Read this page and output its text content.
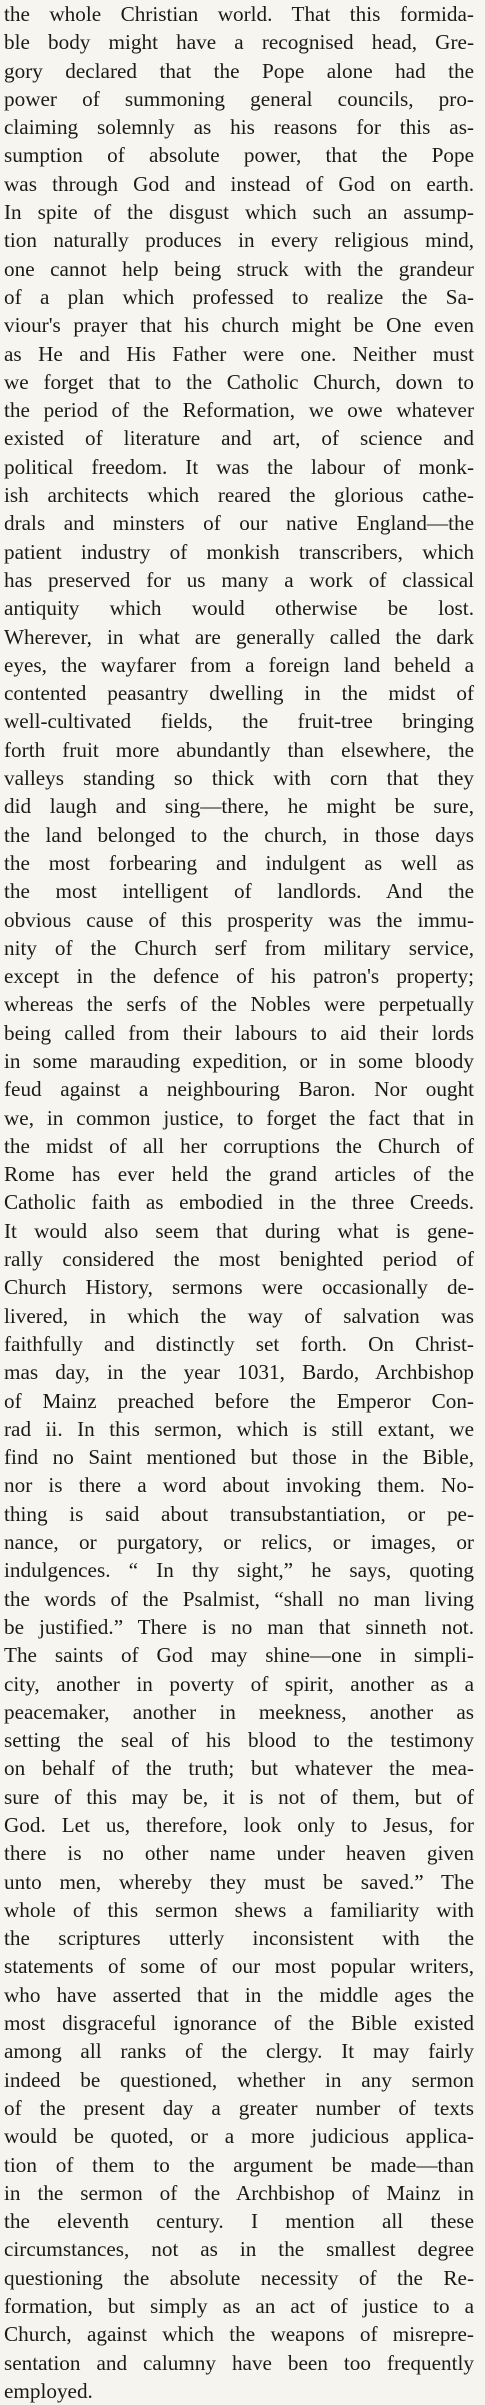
the whole Christian world. That this formida-
ble body might have a recognised head, Gre-
gory declared that the Pope alone had the
power of summoning general councils, pro-
claiming solemnly as his reasons for this as-
sumption of absolute power, that the Pope
was through God and instead of God on earth.
In spite of the disgust which such an assump-
tion naturally produces in every religious mind,
one cannot help being struck with the grandeur
of a plan which professed to realize the Sa-
viour's prayer that his church might be One even
as He and His Father were one. Neither must
we forget that to the Catholic Church, down to
the period of the Reformation, we owe whatever
existed of literature and art, of science and
political freedom. It was the labour of monk-
ish architects which reared the glorious cathe-
drals and minsters of our native England—the
patient industry of monkish transcribers, which
has preserved for us many a work of classical
antiquity which would otherwise be lost.
Wherever, in what are generally called the dark
eyes, the wayfarer from a foreign land beheld a
contented peasantry dwelling in the midst of
well-cultivated fields, the fruit-tree bringing
forth fruit more abundantly than elsewhere, the
valleys standing so thick with corn that they
did laugh and sing—there, he might be sure,
the land belonged to the church, in those days
the most forbearing and indulgent as well as
the most intelligent of landlords. And the
obvious cause of this prosperity was the immu-
nity of the Church serf from military service,
except in the defence of his patron's property;
whereas the serfs of the Nobles were perpetually
being called from their labours to aid their lords
in some marauding expedition, or in some bloody
feud against a neighbouring Baron. Nor ought
we, in common justice, to forget the fact that in
the midst of all her corruptions the Church of
Rome has ever held the grand articles of the
Catholic faith as embodied in the three Creeds.
It would also seem that during what is gene-
rally considered the most benighted period of
Church History, sermons were occasionally de-
livered, in which the way of salvation was
faithfully and distinctly set forth. On Christ-
mas day, in the year 1031, Bardo, Archbishop
of Mainz preached before the Emperor Con-
rad ii. In this sermon, which is still extant, we
find no Saint mentioned but those in the Bible,
nor is there a word about invoking them. No-
thing is said about transubstantiation, or pe-
nance, or purgatory, or relics, or images, or
indulgences. “ In thy sight,” he says, quoting
the words of the Psalmist, “shall no man living
be justified.” There is no man that sinneth not.
The saints of God may shine—one in simpli-
city, another in poverty of spirit, another as a
peacemaker, another in meekness, another as
setting the seal of his blood to the testimony
on behalf of the truth; but whatever the mea-
sure of this may be, it is not of them, but of
God. Let us, therefore, look only to Jesus, for
there is no other name under heaven given
unto men, whereby they must be saved.” The
whole of this sermon shews a familiarity with
the scriptures utterly inconsistent with the
statements of some of our most popular writers,
who have asserted that in the middle ages the
most disgraceful ignorance of the Bible existed
among all ranks of the clergy. It may fairly
indeed be questioned, whether in any sermon
of the present day a greater number of texts
would be quoted, or a more judicious applica-
tion of them to the argument be made—than
in the sermon of the Archbishop of Mainz in
the eleventh century. I mention all these
circumstances, not as in the smallest degree
questioning the absolute necessity of the Re-
formation, but simply as an act of justice to a
Church, against which the weapons of misrepre-
sentation and calumny have been too frequently
employed.
